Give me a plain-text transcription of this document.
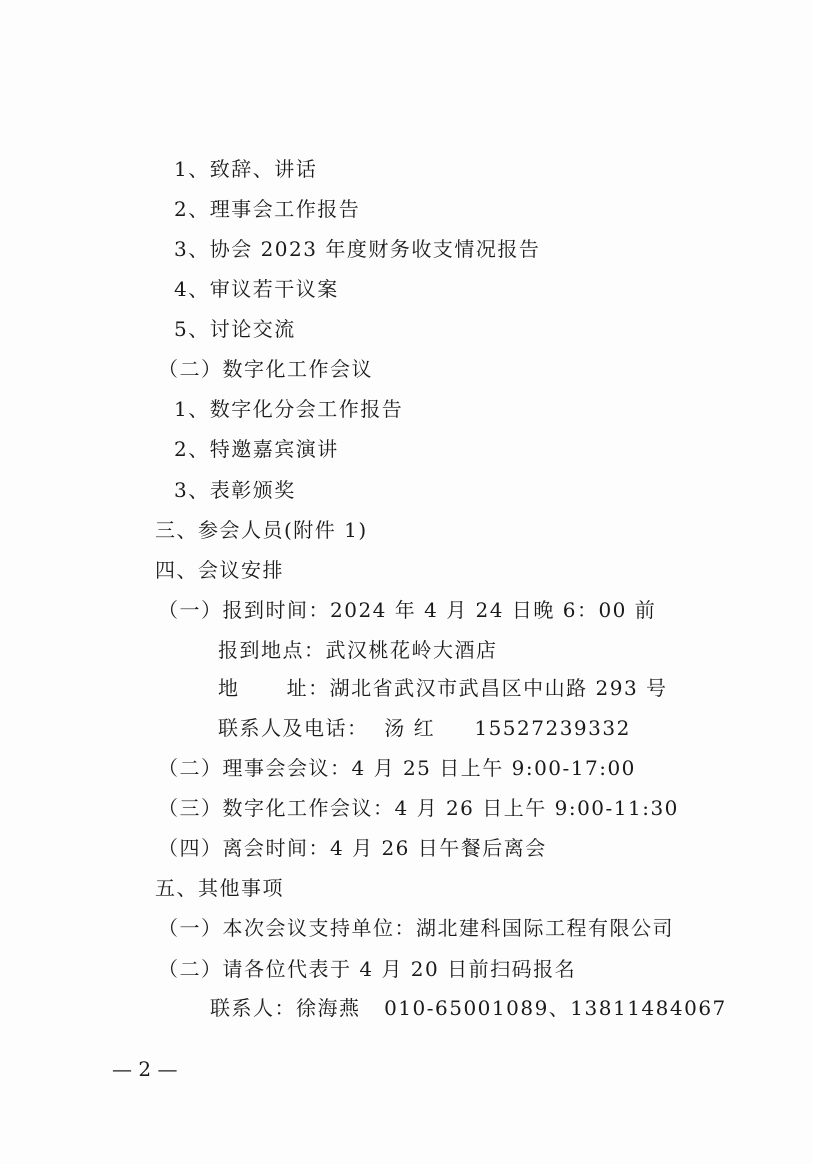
1、致辞、讲话
2、理事会工作报告
3、协会 2023 年度财务收支情况报告
4、审议若干议案
5、讨论交流
（二）数字化工作会议
1、数字化分会工作报告
2、特邀嘉宾演讲
3、表彰颁奖
三、参会人员(附件 1)
四、会议安排
（一）报到时间：2024 年 4 月 24 日晚 6：00 前
报到地点：武汉桃花岭大酒店
地      址：湖北省武汉市武昌区中山路 293 号
联系人及电话：  汤 红     15527239332
（二）理事会会议：4 月 25 日上午 9:00-17:00
（三）数字化工作会议：4 月 26 日上午 9:00-11:30
（四）离会时间：4 月 26 日午餐后离会
五、其他事项
（一）本次会议支持单位：湖北建科国际工程有限公司
（二）请各位代表于 4 月 20 日前扫码报名
联系人：徐海燕   010-65001089、13811484067
— 2 —
